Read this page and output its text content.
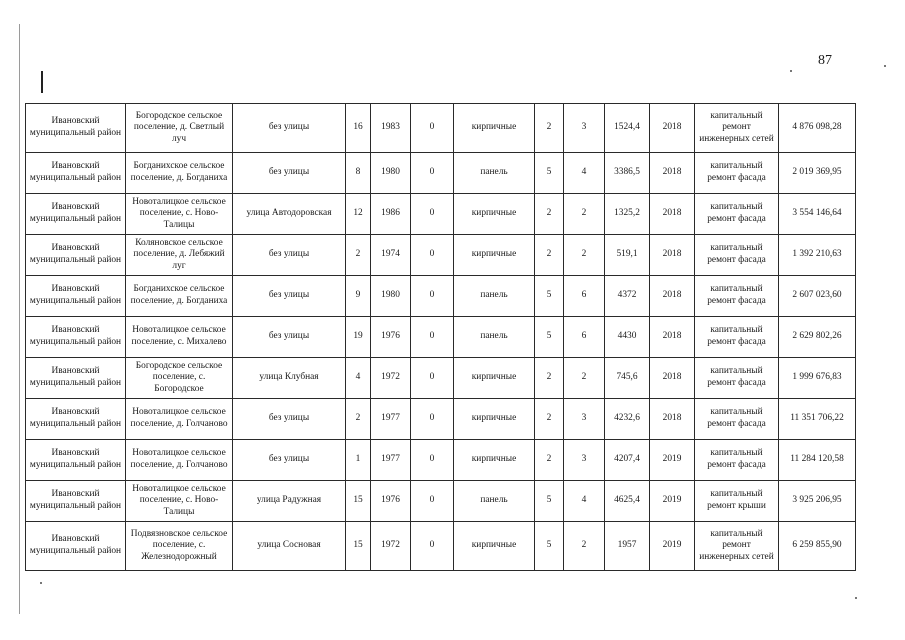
87
Ивановский муниципальный район	Богородское сельское поселение, д. Светлый луч	без улицы	16	1983	0	кирпичные	2	3	1524,4	2018	капитальный ремонт инженерных сетей	4 876 098,28
Ивановский муниципальный район	Богданихское сельское поселение, д. Богданиха	без улицы	8	1980	0	панель	5	4	3386,5	2018	капитальный ремонт фасада	2 019 369,95
Ивановский муниципальный район	Новоталицкое сельское поселение, с. Ново-Талицы	улица Автодоровская	12	1986	0	кирпичные	2	2	1325,2	2018	капитальный ремонт фасада	3 554 146,64
Ивановский муниципальный район	Коляновское сельское поселение, д. Лебяжий луг	без улицы	2	1974	0	кирпичные	2	2	519,1	2018	капитальный ремонт фасада	1 392 210,63
Ивановский муниципальный район	Богданихское сельское поселение, д. Богданиха	без улицы	9	1980	0	панель	5	6	4372	2018	капитальный ремонт фасада	2 607 023,60
Ивановский муниципальный район	Новоталицкое сельское поселение, с. Михалево	без улицы	19	1976	0	панель	5	6	4430	2018	капитальный ремонт фасада	2 629 802,26
Ивановский муниципальный район	Богородское сельское поселение, с. Богородское	улица Клубная	4	1972	0	кирпичные	2	2	745,6	2018	капитальный ремонт фасада	1 999 676,83
Ивановский муниципальный район	Новоталицкое сельское поселение, д. Голчаново	без улицы	2	1977	0	кирпичные	2	3	4232,6	2018	капитальный ремонт фасада	11 351 706,22
Ивановский муниципальный район	Новоталицкое сельское поселение, д. Голчаново	без улицы	1	1977	0	кирпичные	2	3	4207,4	2019	капитальный ремонт фасада	11 284 120,58
Ивановский муниципальный район	Новоталицкое сельское поселение, с. Ново-Талицы	улица Радужная	15	1976	0	панель	5	4	4625,4	2019	капитальный ремонт крыши	3 925 206,95
Ивановский муниципальный район	Подвязновское сельское поселение, с. Железнодорожный	улица Сосновая	15	1972	0	кирпичные	5	2	1957	2019	капитальный ремонт инженерных сетей	6 259 855,90
